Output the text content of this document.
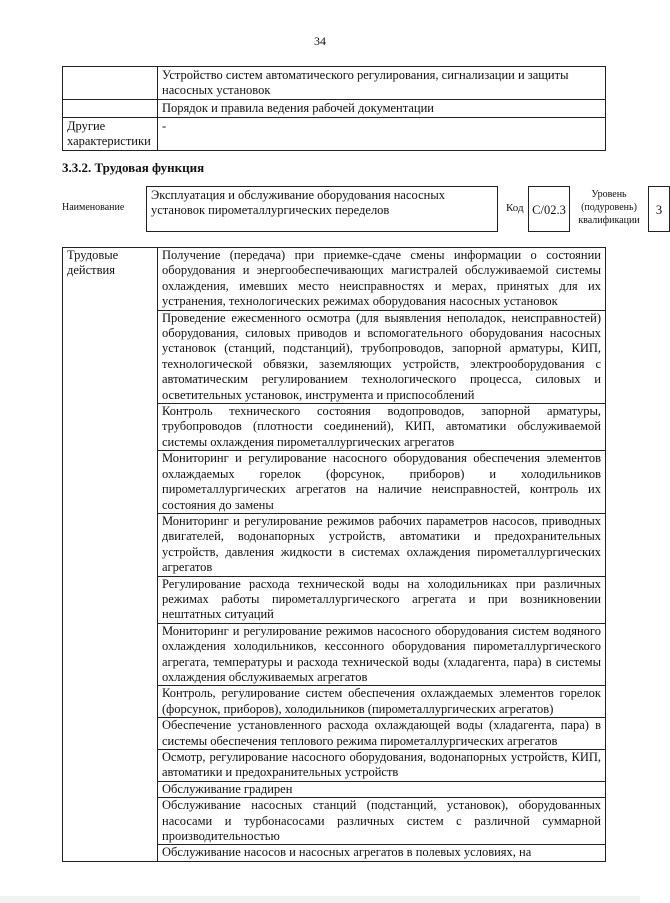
34
	Устройство систем автоматического регулирования, сигнализации и защиты насосных установок
	Порядок и правила ведения рабочей документации
Другие характеристики	-
3.3.2. Трудовая функция
Наименование
Эксплуатация и обслуживание оборудования насосных установок пирометаллургических переделов	Код С/02.3
Уровень (подуровень) квалификации
3
Трудовые действия	Получение (передача) при приемке-сдаче смены информации о состоянии оборудования и энергообеспечивающих магистралей обслуживаемой системы охлаждения, имевших место неисправностях и мерах, принятых для их устранения, технологических режимах оборудования насосных установок
Проведение ежесменного осмотра (для выявления неполадок, неисправностей) оборудования, силовых приводов и вспомогательного оборудования насосных установок (станций, подстанций), трубопроводов, запорной арматуры, КИП, технологической обвязки, заземляющих устройств, электрооборудования с автоматическим регулированием технологического процесса, силовых и осветительных установок, инструмента и приспособлений
Контроль технического состояния водопроводов, запорной арматуры, трубопроводов (плотности соединений), КИП, автоматики обслуживаемой системы охлаждения пирометаллургических агрегатов
Мониторинг и регулирование насосного оборудования обеспечения элементов охлаждаемых горелок (форсунок, приборов) и холодильников пирометаллургических агрегатов на наличие неисправностей, контроль их состояния до замены
Мониторинг и регулирование режимов рабочих параметров насосов, приводных двигателей, водонапорных устройств, автоматики и предохранительных устройств, давления жидкости в системах охлаждения пирометаллургических агрегатов
Регулирование расхода технической воды на холодильниках при различных режимах работы пирометаллургического агрегата и при возникновении нештатных ситуаций
Мониторинг и регулирование режимов насосного оборудования систем водяного охлаждения холодильников, кессонного оборудования пирометаллургического агрегата, температуры и расхода технической воды (хладагента, пара) в системы охлаждения обслуживаемых агрегатов
Контроль, регулирование систем обеспечения охлаждаемых элементов горелок (форсунок, приборов), холодильников (пирометаллургических агрегатов)
Обеспечение установленного расхода охлаждающей воды (хладагента, пара) в системы обеспечения теплового режима пирометаллургических агрегатов
Осмотр, регулирование насосного оборудования, водонапорных устройств, КИП, автоматики и предохранительных устройств
Обслуживание градирен
Обслуживание насосных станций (подстанций, установок), оборудованных насосами и турбонасосами различных систем с различной суммарной производительностью
Обслуживание насосов и насосных агрегатов в полевых условиях, на
